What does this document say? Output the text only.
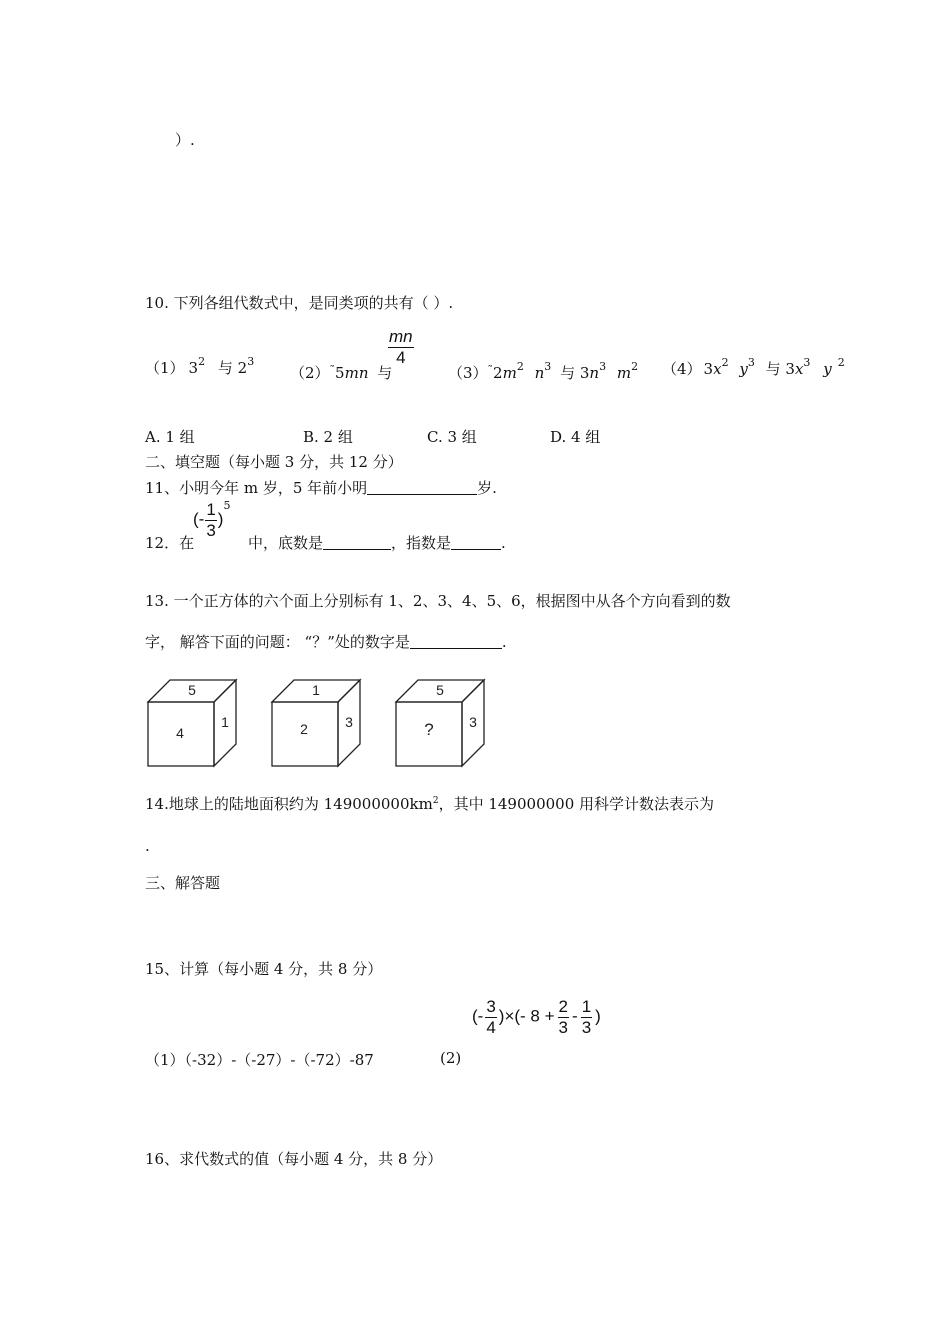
）.
10. 下列各组代数式中，是同类项的共有（ ）.
（1） $3^2$ 与 $2^3$
（2）˜5mn 与
$\frac{mn}{4}$
$(3)^˜2m^2$ $n^3$ 与 $3n^3$ $m^2$ （4） $3x^2$ $y^3$ 与 $3x^3$ y $^2$
A. 1 组	B. 2 组	C. 3 组	D. 4 组
二、填空题（每小题 3 分，共 12 分）
11、小明今年 m 岁，5 年前小明	岁.
12．在
(- $\frac{1}{3} )^5$
中，底数是	，指数是	.
13. 一个正方体的六个面上分别标有 1、2、3、4、5、6，根据图中从各个方向看到的数
字， 解答下面的问题： “？”处的数字是	.
5
4
1
1
2	3
5
?	3
14.地球上的陆地面积约为 $149000000km^2$，其中 149000000 用科学计数法表示为
.
三、解答题
15、计算（每小题 4 分，共 8 分）
(- $\frac{3}{4}$ )×(- $8 + \frac{2}{3} - \frac{1}{3}$ )
（1）（-32）-（-27）-（-72）-87	(2)
16、求代数式的值（每小题 4 分，共 8 分）
